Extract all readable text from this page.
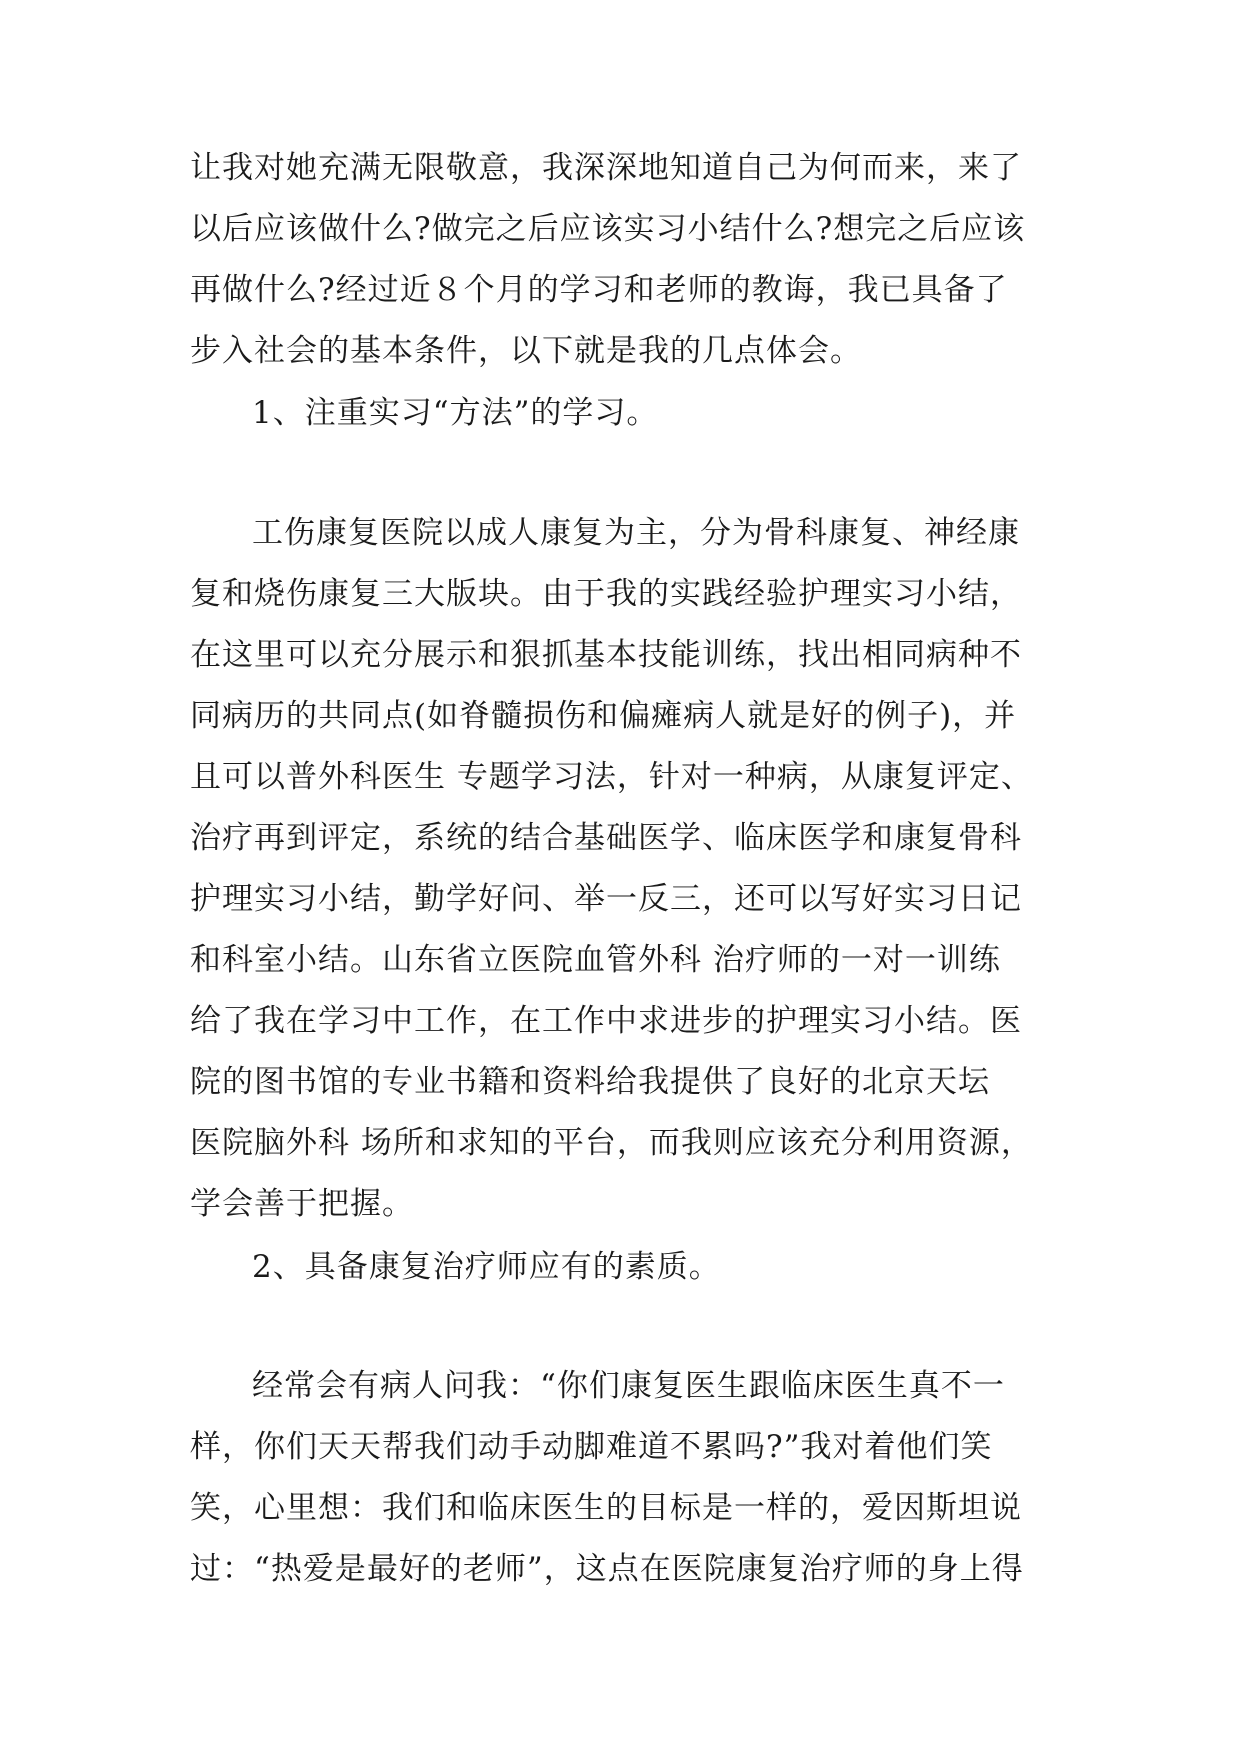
让我对她充满无限敬意，我深深地知道自己为何而来，来了
以后应该做什么?做完之后应该实习小结什么?想完之后应该
再做什么?经过近８个月的学习和老师的教诲，我已具备了
步入社会的基本条件，以下就是我的几点体会。
1、注重实习“方法”的学习。
工伤康复医院以成人康复为主，分为骨科康复、神经康
复和烧伤康复三大版块。由于我的实践经验护理实习小结，
在这里可以充分展示和狠抓基本技能训练，找出相同病种不
同病历的共同点(如脊髓损伤和偏瘫病人就是好的例子)，并
且可以普外科医生 专题学习法，针对一种病，从康复评定、
治疗再到评定，系统的结合基础医学、临床医学和康复骨科
护理实习小结，勤学好问、举一反三，还可以写好实习日记
和科室小结。山东省立医院血管外科 治疗师的一对一训练
给了我在学习中工作，在工作中求进步的护理实习小结。医
院的图书馆的专业书籍和资料给我提供了良好的北京天坛
医院脑外科 场所和求知的平台，而我则应该充分利用资源，
学会善于把握。
2、具备康复治疗师应有的素质。
经常会有病人问我：“你们康复医生跟临床医生真不一
样，你们天天帮我们动手动脚难道不累吗?”我对着他们笑
笑，心里想：我们和临床医生的目标是一样的，爱因斯坦说
过：“热爱是最好的老师”，这点在医院康复治疗师的身上得
